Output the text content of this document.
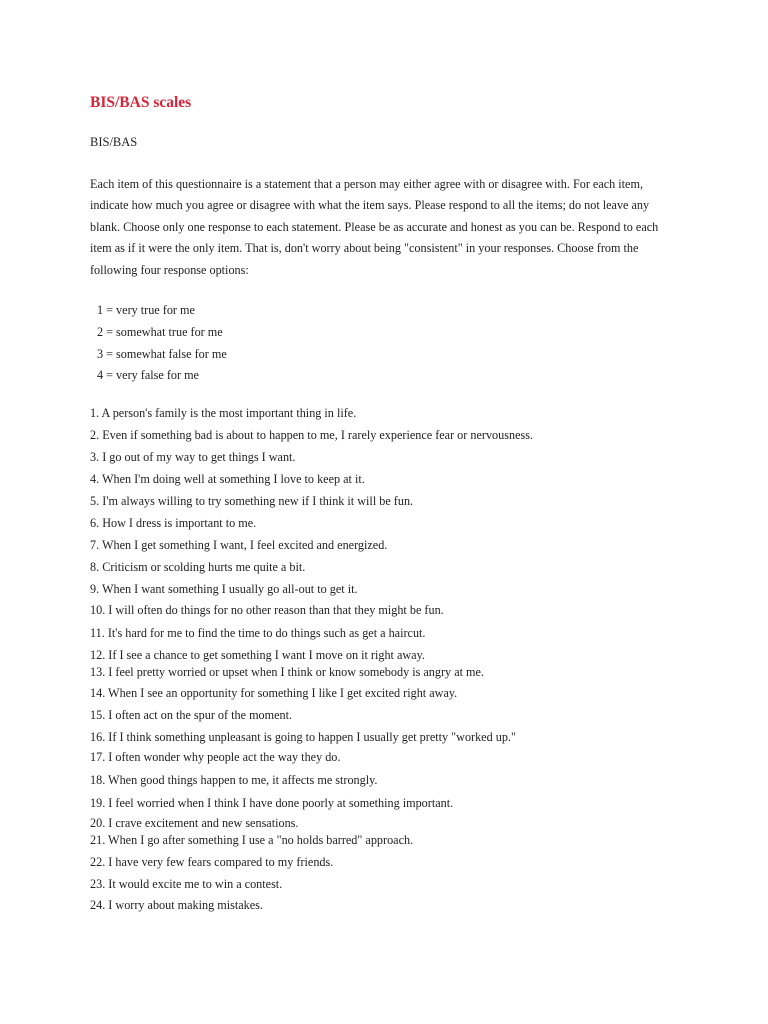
BIS/BAS scales

BIS/BAS

Each item of this questionnaire is a statement that a person may either agree with or disagree with. For each item, indicate how much you agree or disagree with what the item says. Please respond to all the items; do not leave any blank. Choose only one response to each statement. Please be as accurate and honest as you can be. Respond to each item as if it were the only item. That is, don't worry about being "consistent" in your responses. Choose from the following four response options:

1 = very true for me
2 = somewhat true for me
3 = somewhat false for me
4 = very false for me
1. A person's family is the most important thing in life.
2. Even if something bad is about to happen to me, I rarely experience fear or nervousness.
3. I go out of my way to get things I want.
4. When I'm doing well at something I love to keep at it.
5. I'm always willing to try something new if I think it will be fun.
6. How I dress is important to me.
7. When I get something I want, I feel excited and energized.
8. Criticism or scolding hurts me quite a bit.
9. When I want something I usually go all-out to get it.
10. I will often do things for no other reason than that they might be fun.
11. It's hard for me to find the time to do things such as get a haircut.
12. If I see a chance to get something I want I move on it right away.
13. I feel pretty worried or upset when I think or know somebody is angry at me.
14. When I see an opportunity for something I like I get excited right away.
15. I often act on the spur of the moment.
16. If I think something unpleasant is going to happen I usually get pretty "worked up."
17. I often wonder why people act the way they do.
18. When good things happen to me, it affects me strongly.
19. I feel worried when I think I have done poorly at something important.
20. I crave excitement and new sensations.
21. When I go after something I use a "no holds barred" approach.
22. I have very few fears compared to my friends.
23. It would excite me to win a contest.
24. I worry about making mistakes.
